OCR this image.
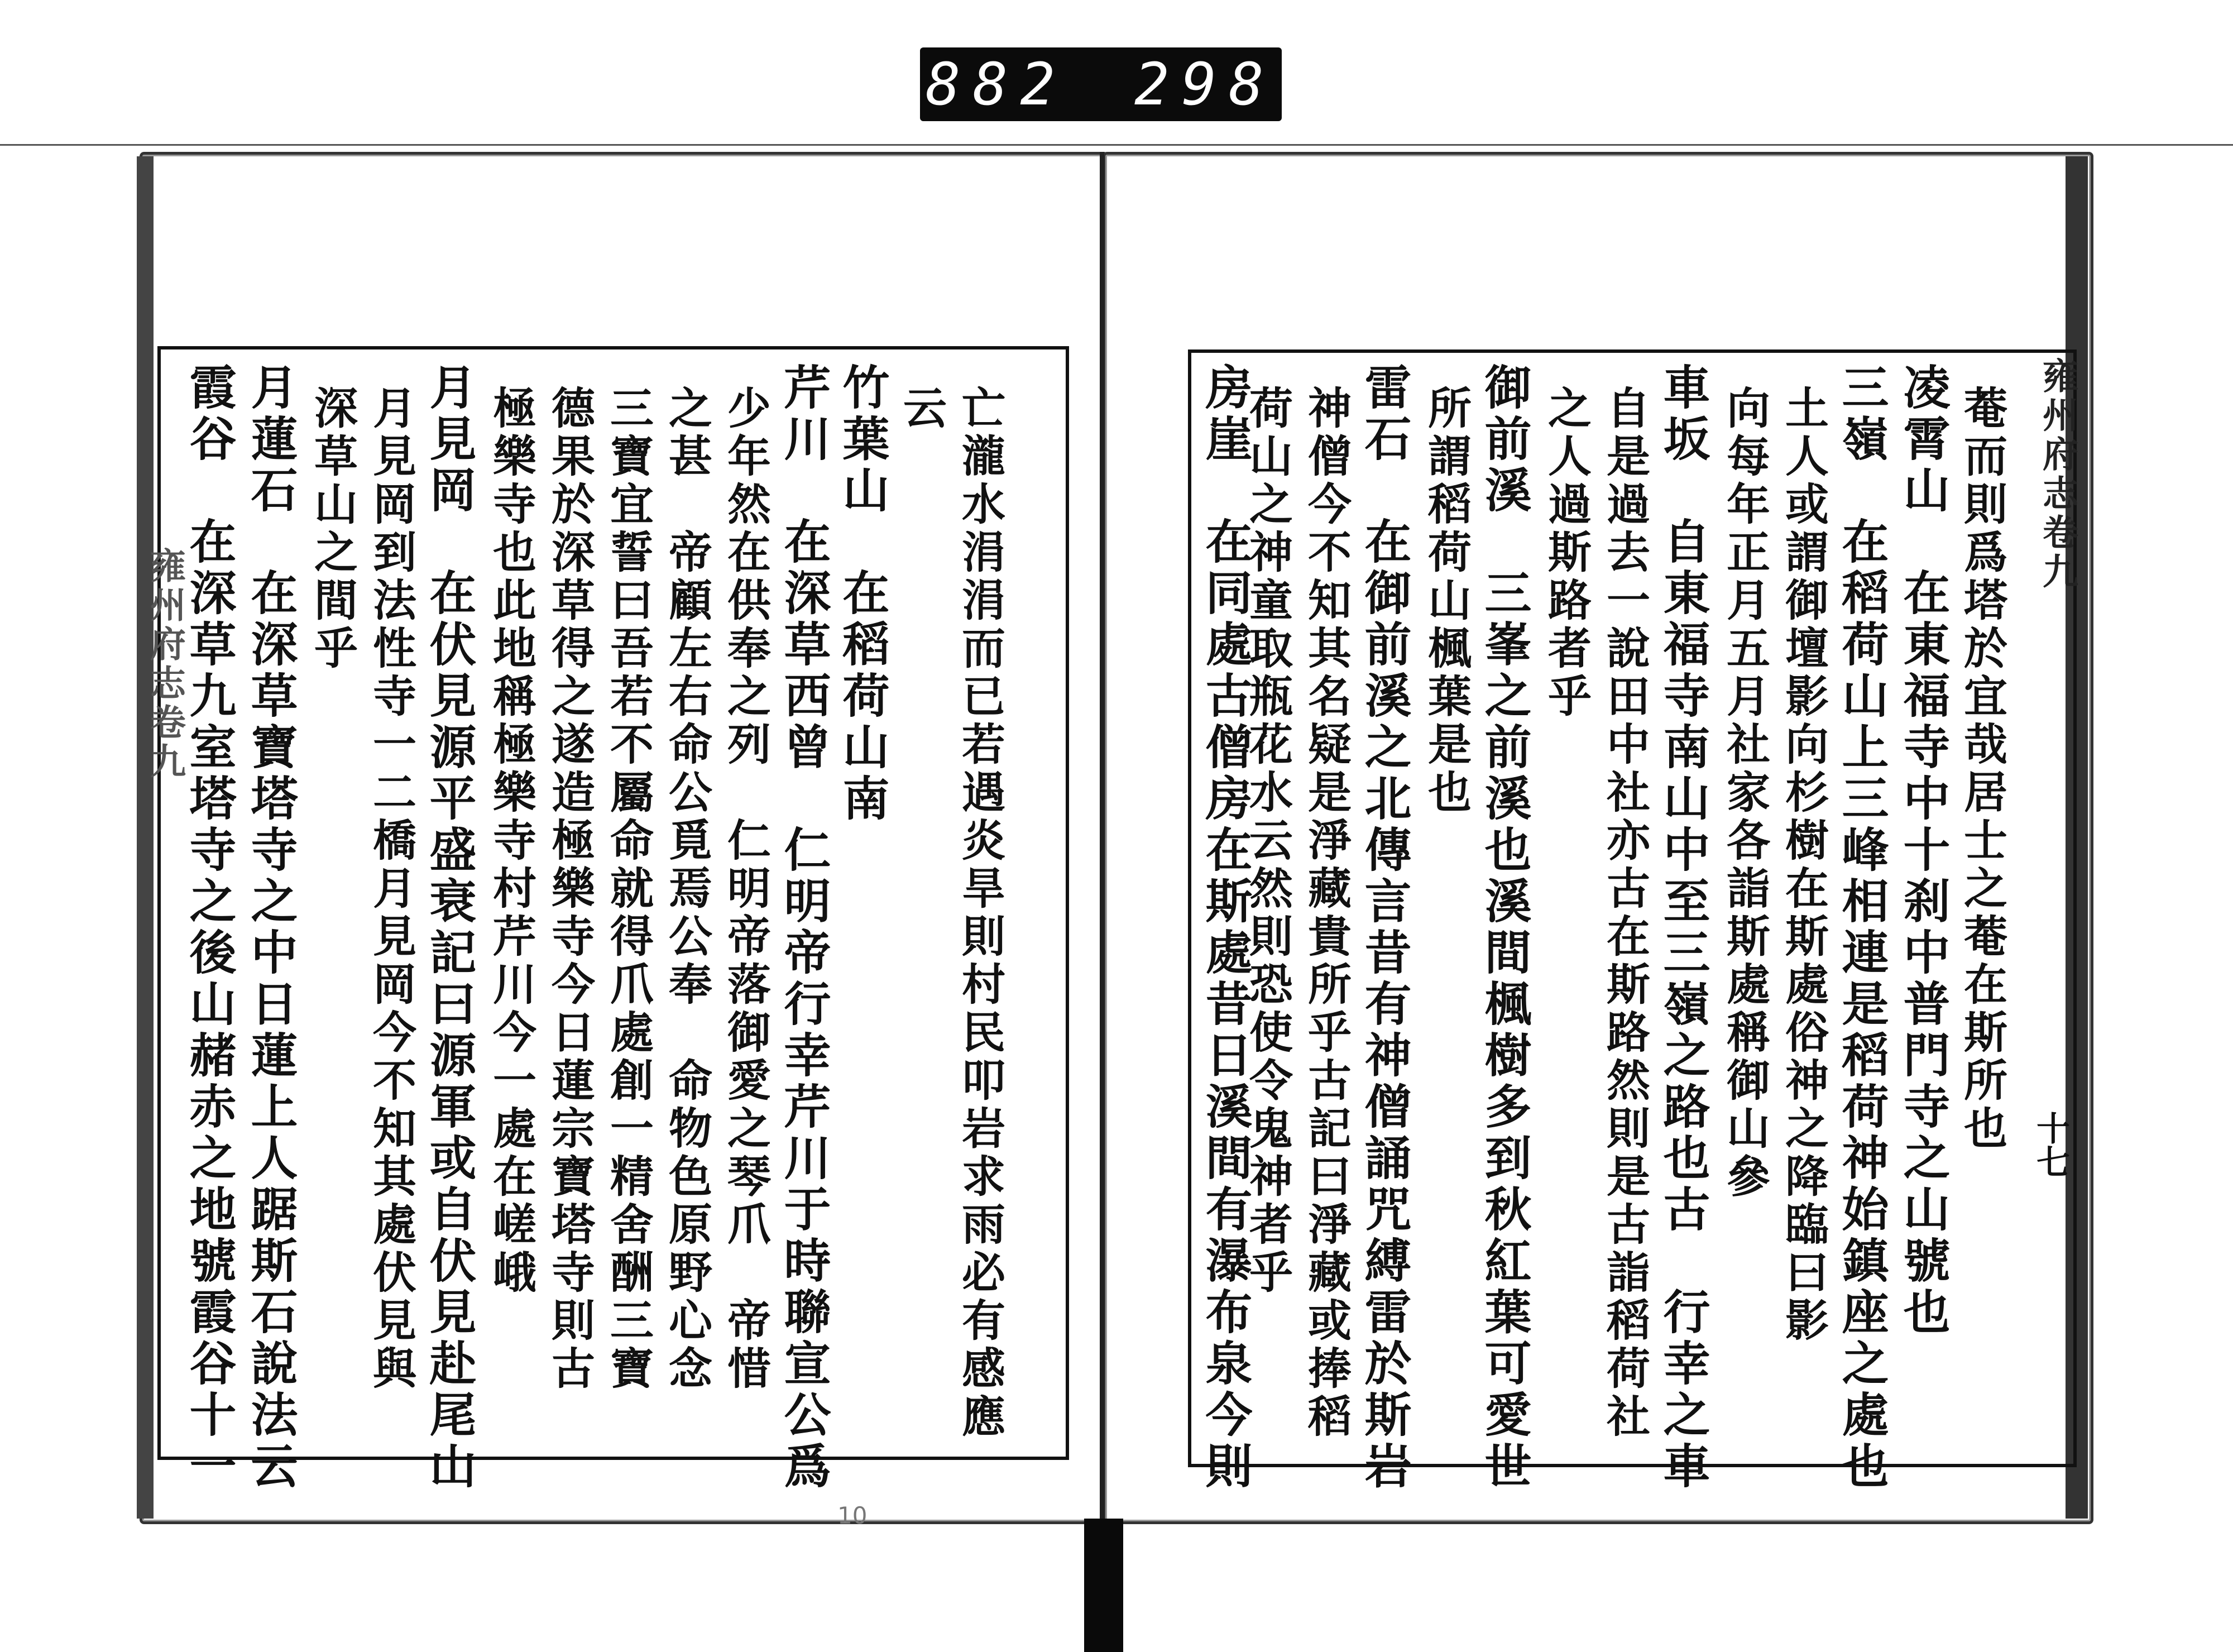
882 298
雍州府志卷九
十七
雍州府志卷九	菴而則爲塔於宜哉居士之菴在斯所也
凌霄山　在東福寺中十刹中普門寺之山號也
三嶺　在稻荷山上三峰相連是稻荷神始鎮座之處也
土人或謂御壇影向杉樹在斯處俗神之降臨曰影
向每年正月五月社家各詣斯處稱御山參
車坂　自東福寺南山中至三嶺之路也古　行幸之車
自是過去一說田中社亦古在斯路然則是古詣稻荷社
之人過斯路者乎
御前溪　三峯之前溪也溪間楓樹多到秋紅葉可愛世
所謂稻荷山楓葉是也
雷石　在御前溪之北傳言昔有神僧誦咒縛雷於斯岩
神僧今不知其名疑是淨藏貴所乎古記曰淨藏或捧稻
荷山之神童取瓶花水云然則恐使令鬼神者乎
房崖　在同處古僧房在斯處昔日溪間有瀑布泉今則
亡瀧水涓涓而已若遇炎旱則村民叩岩求雨必有感應
云
竹葉山　在稻荷山南
芹川　在深草西曾　仁明帝行幸芹川于時聯宣公爲
少年然在供奉之列　仁明帝落御愛之琴爪　帝惜
之甚　帝顧左右命公覓焉公奉　命物色原野心念
三寶宜誓曰吾若不屬命就得爪處創一精舍酬三寶
德果於深草得之遂造極樂寺今日蓮宗寶塔寺則古
極樂寺也此地稱極樂寺村芹川今一處在嵯峨
月見岡　在伏見源平盛衰記曰源軍或自伏見赴尾山
月見岡到法性寺一二橋月見岡今不知其處伏見與
深草山之間乎
月蓮石　在深草寶塔寺之中日蓮上人踞斯石說法云
霞谷　在深草九室塔寺之後山赭赤之地號霞谷十一
10
